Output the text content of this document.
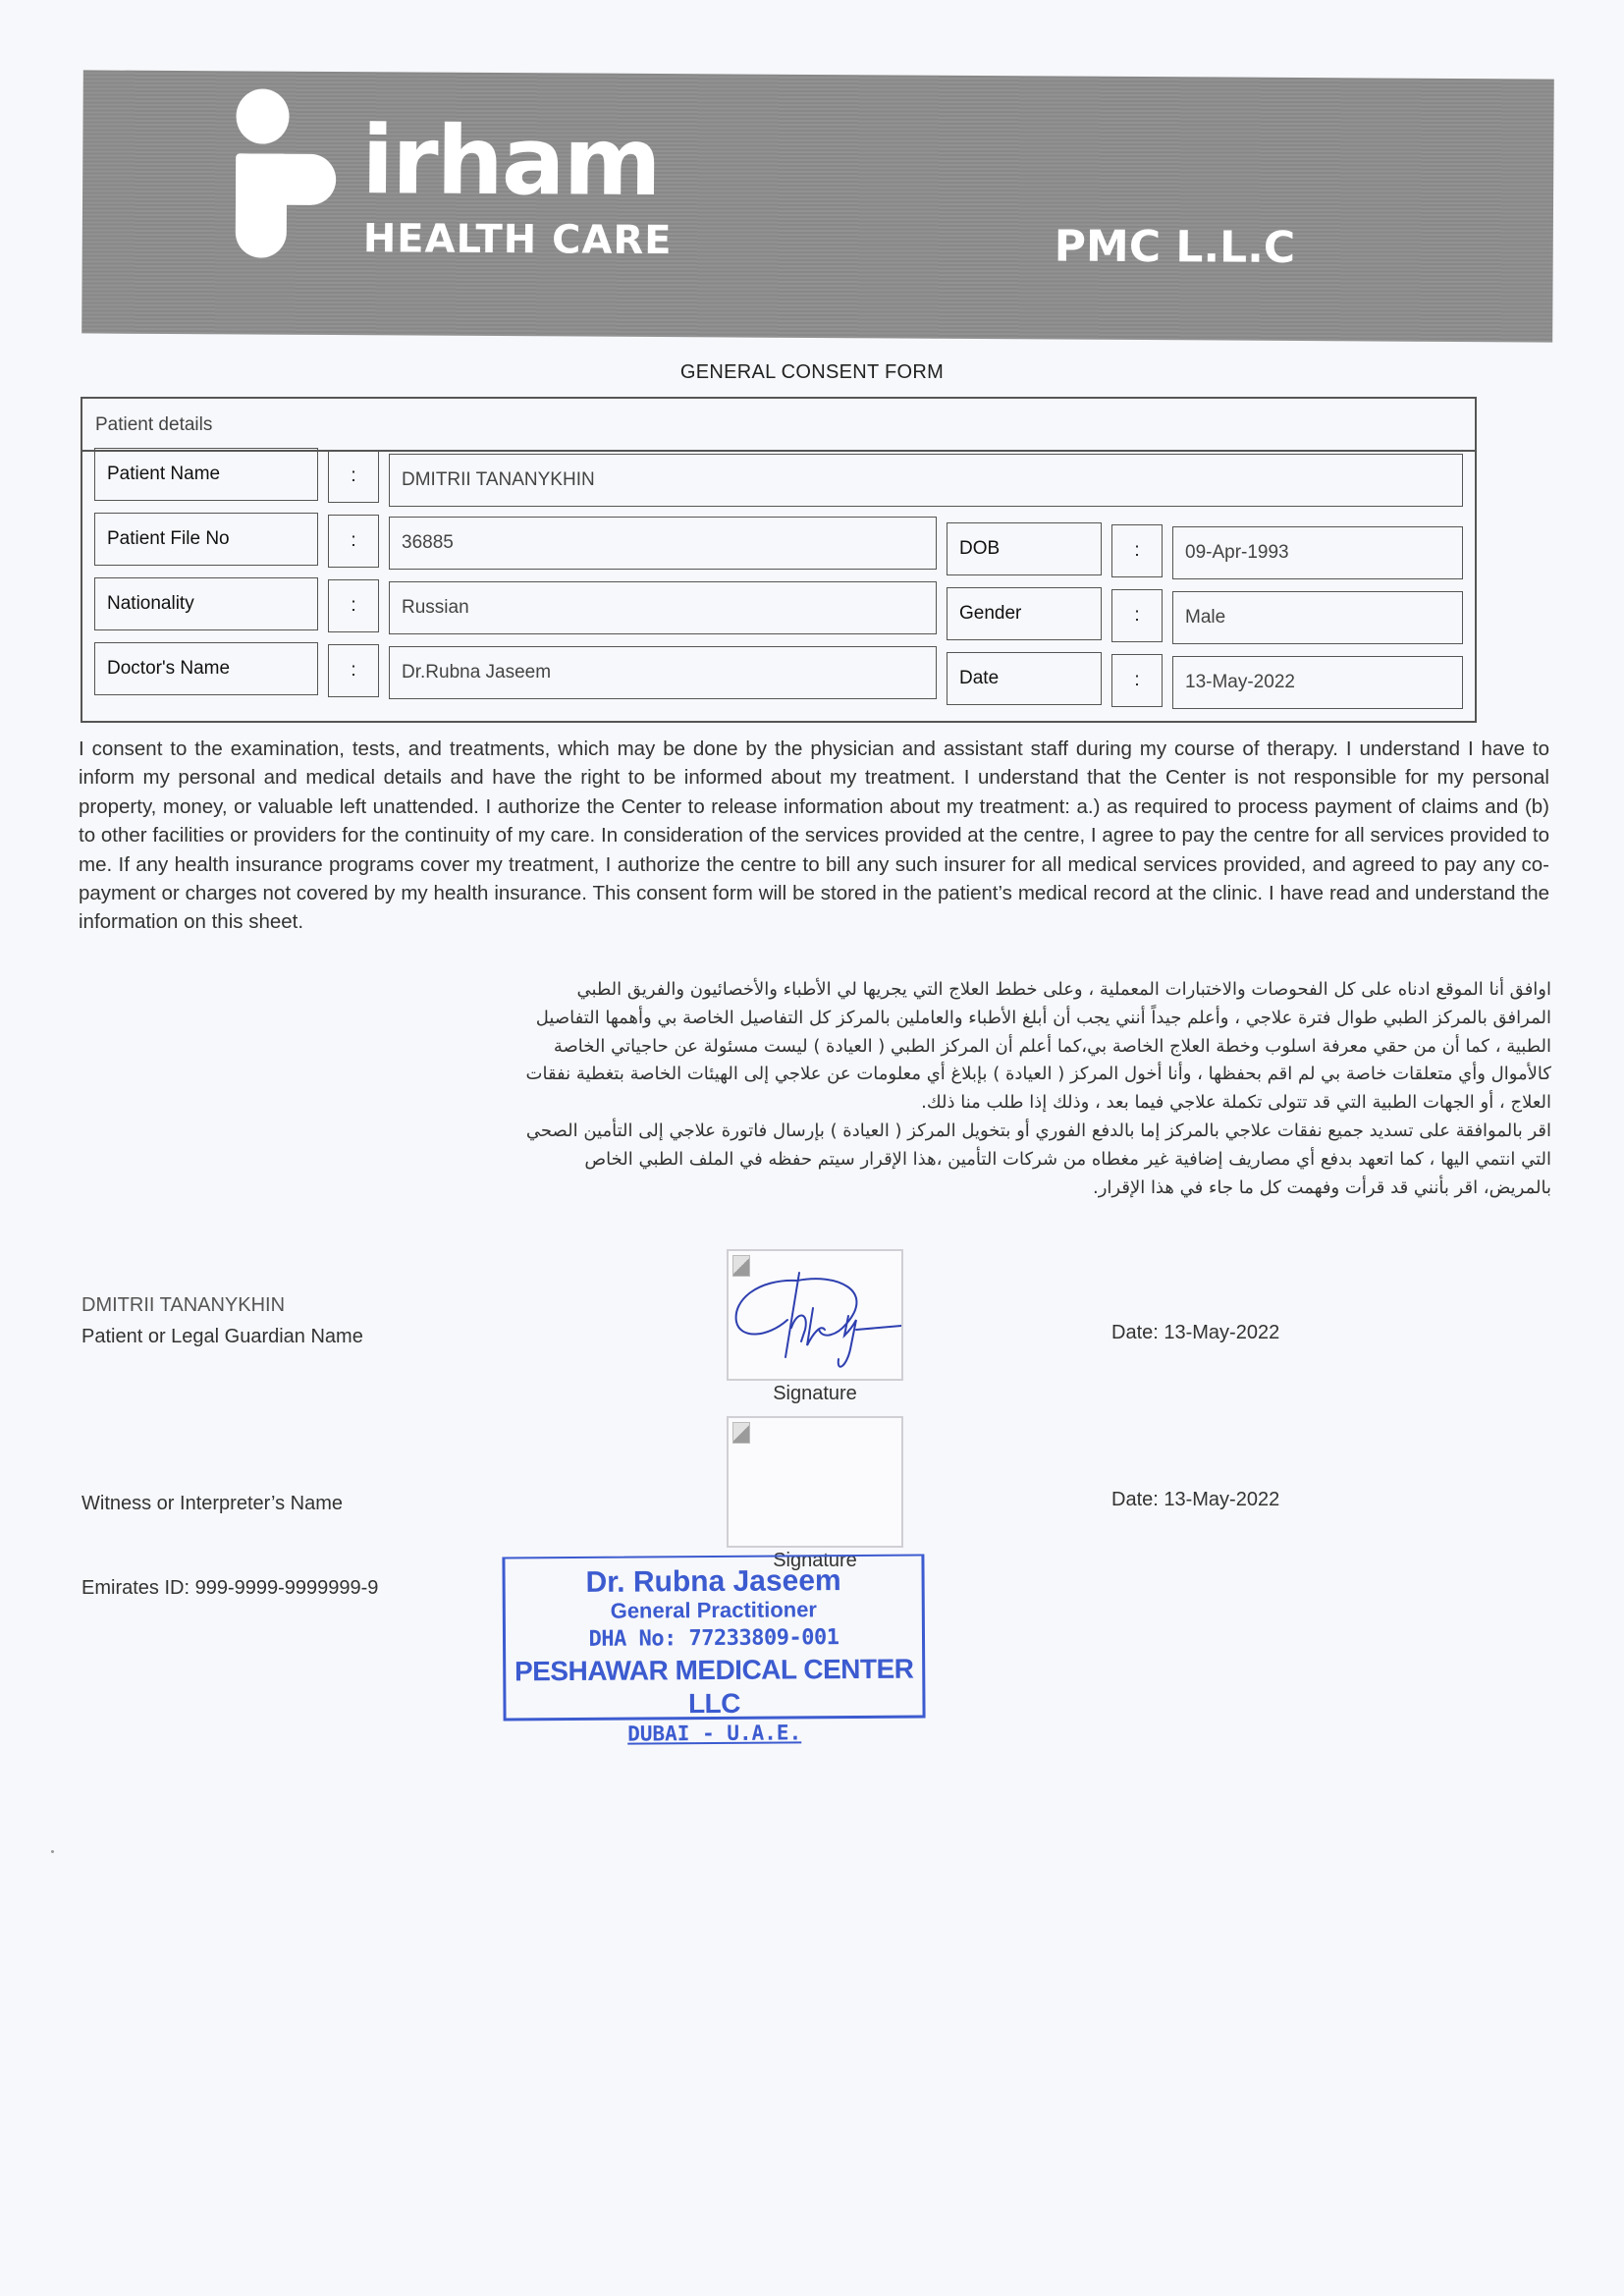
irham
HEALTH CARE	PMC L.L.C
GENERAL CONSENT FORM
Patient details
Patient Name	:	DMITRII TANANYKHIN
Patient File No	:	36885	DOB	:	09-Apr-1993
Nationality	:	Russian	Gender	:	Male
Doctor's Name	:	Dr.Rubna Jaseem	Date	:	13-May-2022
I consent to the examination, tests, and treatments, which may be done by the physician and assistant staff during my course of therapy. I understand I have to inform my personal and medical details and have the right to be informed about my treatment. I understand that the Center is not responsible for my personal property, money, or valuable left unattended. I authorize the Center to release information about my treatment: a.) as required to process payment of claims and (b) to other facilities or providers for the continuity of my care. In consideration of the services provided at the centre, I agree to pay the centre for all services provided to me. If any health insurance programs cover my treatment, I authorize the centre to bill any such insurer for all medical services provided, and agreed to pay any co-payment or charges not covered by my health insurance. This consent form will be stored in the patient’s medical record at the clinic. I have read and understand the information on this sheet.
اوافق أنا الموقع ادناه على كل الفحوصات والاختبارات المعملية ، وعلى خطط العلاج التي يجريها لي الأطباء والأخصائيون والفريق الطبي
المرافق بالمركز الطبي طوال فترة علاجي ، وأعلم جيداً أنني يجب أن أبلغ الأطباء والعاملين بالمركز كل التفاصيل الخاصة بي وأهمها التفاصيل
الطبية ، كما أن من حقي معرفة اسلوب وخطة العلاج الخاصة بي،كما أعلم أن المركز الطبي ( العيادة ) ليست مسئولة عن حاجياتي الخاصة
كالأموال وأي متعلقات خاصة بي لم اقم بحفظها ، وأنا أخول المركز ( العيادة ) بإبلاغ أي معلومات عن علاجي إلى الهيئات الخاصة بتغطية نفقات
العلاج ، أو الجهات الطبية التي قد تتولى تكملة علاجي فيما بعد ، وذلك إذا طلب منا ذلك.
اقر بالموافقة على تسديد جميع نفقات علاجي بالمركز إما بالدفع الفوري أو بتخويل المركز ( العيادة ) بإرسال فاتورة علاجي إلى التأمين الصحي
التي انتمي اليها ، كما اتعهد بدفع أي مصاريف إضافية غير مغطاه من شركات التأمين ،هذا الإقرار سيتم حفظه في الملف الطبي الخاص
بالمريض، اقر بأنني قد قرأت وفهمت كل ما جاء في هذا الإقرار.
DMITRII TANANYKHIN
Patient or Legal Guardian Name
Signature
Signature
Date: 13-May-2022
Date: 13-May-2022
Witness or Interpreter’s Name
Emirates ID: 999-9999-9999999-9	Dr. Rubna Jaseem
General Practitioner
DHA No: 77233809-001
PESHAWAR MEDICAL CENTER LLC
DUBAI - U.A.E.
